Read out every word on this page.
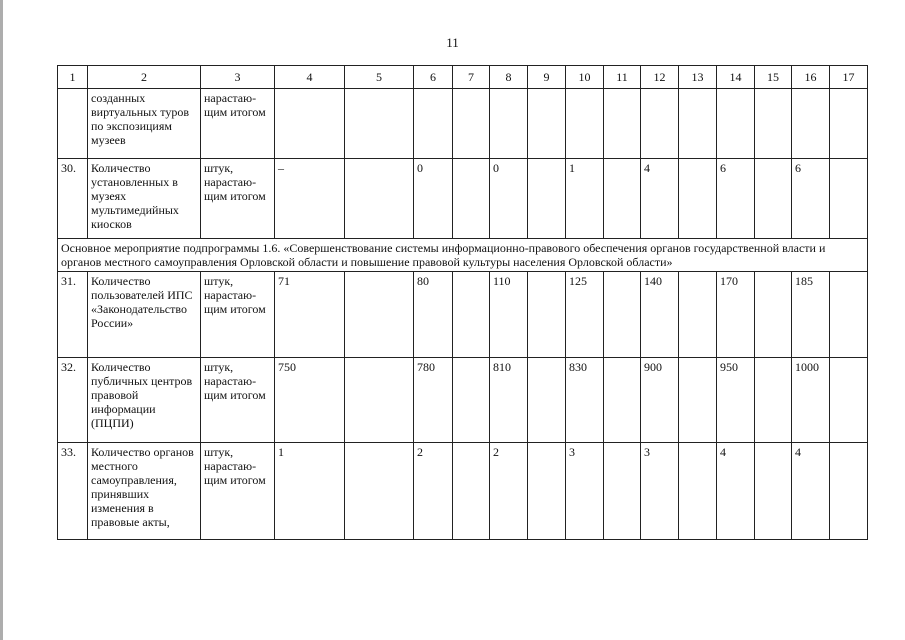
11
1	2	3	4	5	6	7	8	9	10	11	12	13	14	15	16	17
	созданных виртуальных туров по экспозициям музеев	нарастаю-щим итогом														
30.	Количество установленных в музеях мультимедийных киосков	штук, нарастаю-щим итогом	–		0		0		1		4		6		6	
Основное мероприятие подпрограммы 1.6. «Совершенствование системы информационно-правового обеспечения органов государственной власти и органов местного самоуправления Орловской области и повышение правовой культуры населения Орловской области»																
31.	Количество пользователей ИПС «Законодательство России»	штук, нарастаю-щим итогом	71		80		110		125		140		170		185	
32.	Количество публичных центров правовой информации (ПЦПИ)	штук, нарастаю-щим итогом	750		780		810		830		900		950		1000	
33.	Количество органов местного самоуправления, принявших изменения в правовые акты,	штук, нарастаю-щим итогом	1		2		2		3		3		4		4	
